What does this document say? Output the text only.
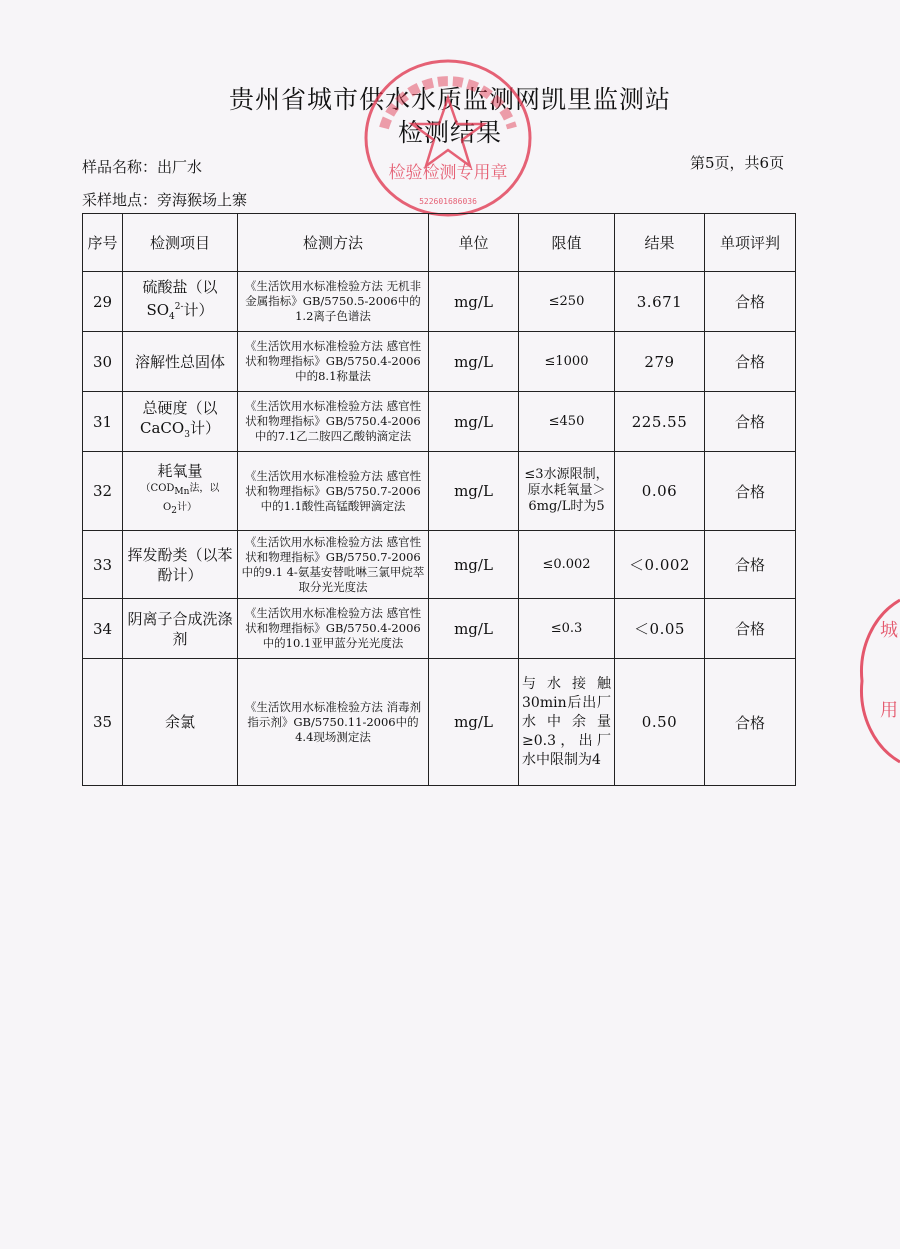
贵州省城市供水水质监测网凯里监测站
检测结果
样品名称：出厂水	第5页，共6页
采样地点：旁海猴场上寨
检验检测专用章
522601686036
城
用
序号	检测项目	检测方法	单位	限值	结果	单项评判
29	硫酸盐（以
$SO_4^{2-}$计）	《生活饮用水标准检验方法 无机非金属指标》GB/5750.5-2006中的1.2离子色谱法	mg/L	≤250	3.671	合格
30	溶解性总固体	《生活饮用水标准检验方法 感官性状和物理指标》GB/5750.4-2006中的8.1称量法	mg/L	≤1000	279	合格
31	总硬度（以
CaCO$_3$计）	《生活饮用水标准检验方法 感官性状和物理指标》GB/5750.4-2006中的7.1乙二胺四乙酸钠滴定法	mg/L	≤450	225.55	合格
32	耗氧量
（$COD_{Mn}$法，以
$O_2$计）	《生活饮用水标准检验方法 感官性状和物理指标》GB/5750.7-2006中的1.1酸性高锰酸钾滴定法	mg/L	≤3水源限制，原水耗氧量＞6mg/L时为5	0.06	合格
33	挥发酚类（以苯酚计）	《生活饮用水标准检验方法 感官性状和物理指标》GB/5750.7-2006中的9.1 4-氨基安替吡啉三氯甲烷萃取分光光度法	mg/L	≤0.002	＜0.002	合格
34	阴离子合成洗涤剂	《生活饮用水标准检验方法 感官性状和物理指标》GB/5750.4-2006中的10.1亚甲蓝分光光度法	mg/L	≤0.3	＜0.05	合格
35	余氯	《生活饮用水标准检验方法 消毒剂指示剂》GB/5750.11-2006中的4.4现场测定法	mg/L	与水接触30min后出厂水中余量≥0.3，出厂水中限制为4	0.50	合格
